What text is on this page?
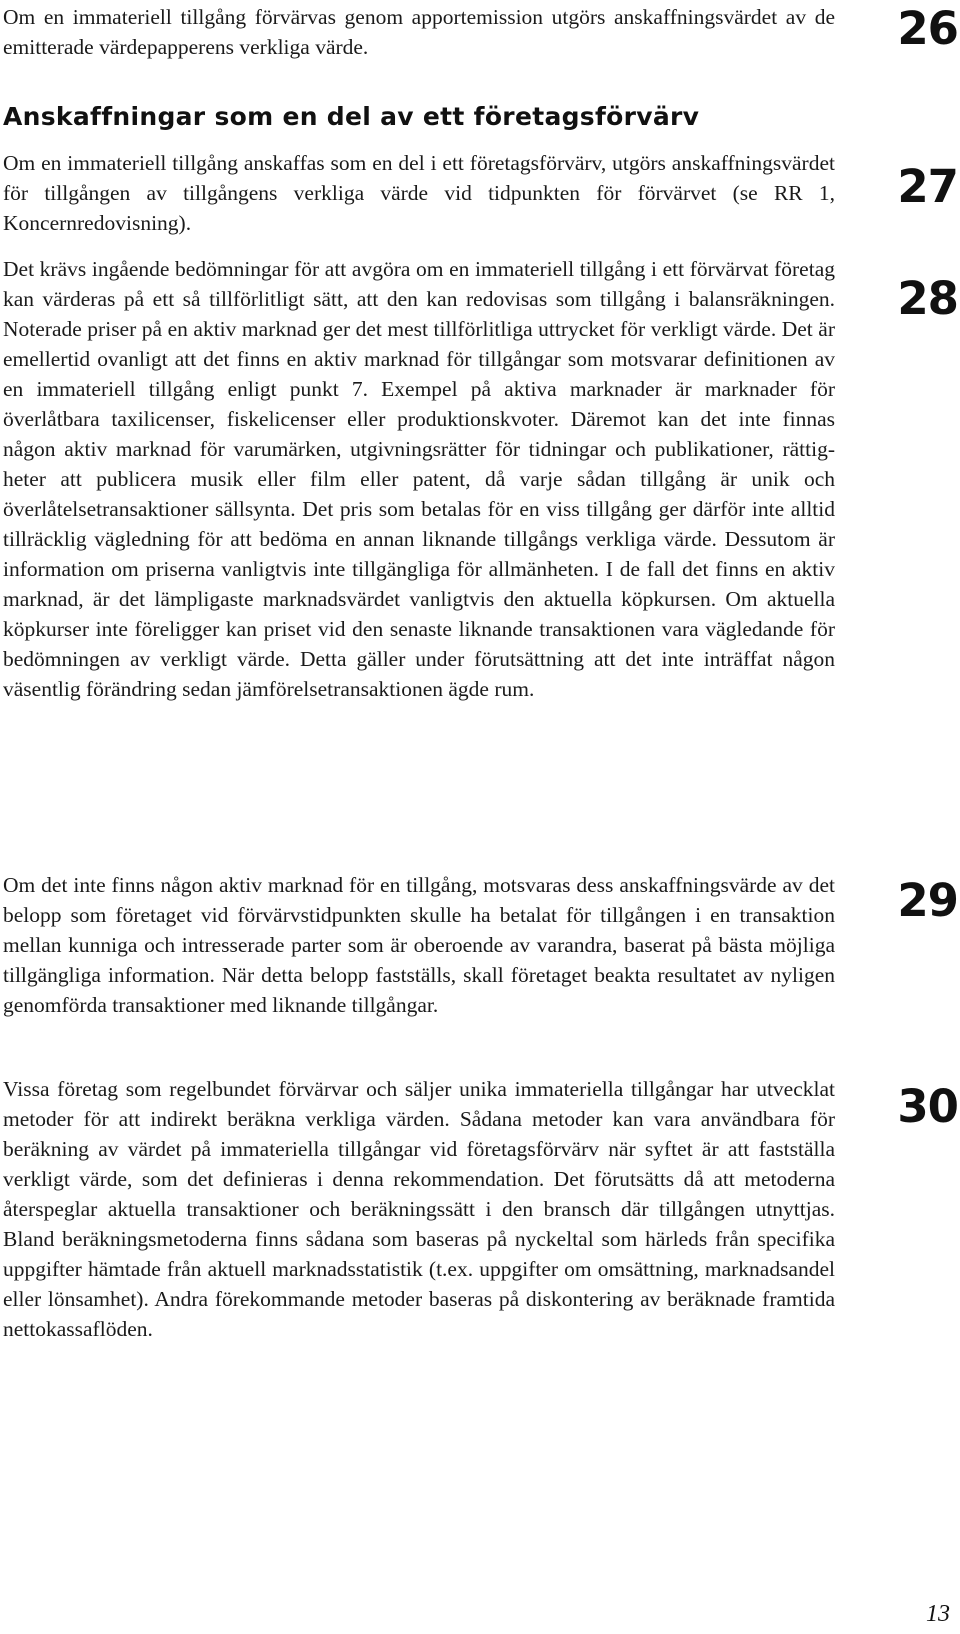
Om en immateriell tillgång förvärvas genom apportemission utgörs anskaffningsvärdet av de emitterade värdepapperens verkliga värde.	26

Anskaffningar som en del av ett företagsförvärv

Om en immateriell tillgång anskaffas som en del i ett företagsförvärv, utgörs anskaffningsvärdet för tillgången av tillgångens verkliga värde vid tidpunkten för förvärvet (se RR 1, Koncernredovisning).

27

Det krävs ingående bedömningar för att avgöra om en immateriell tillgång i ett förvärvat företag kan värderas på ett så tillförlitligt sätt, att den kan redovisas som tillgång i balansräkningen. Noterade priser på en aktiv marknad ger det mest tillförlitliga uttrycket för verkligt värde. Det är emellertid ovanligt att det finns en aktiv marknad för tillgångar som motsvarar definitionen av en immateriell tillgång enligt punkt 7. Exempel på aktiva marknader är marknader för överlåtbara taxilicenser, fiskelicenser eller produktionskvoter. Däremot kan det inte finnas någon aktiv marknad för varumärken, utgivningsrätter för tidningar och publikationer, rättigheter att publicera musik eller film eller patent, då varje sådan tillgång är unik och överlåtelsetransaktioner sällsynta. Det pris som betalas för en viss tillgång ger därför inte alltid tillräcklig vägledning för att bedöma en annan liknande tillgångs verkliga värde. Dessutom är information om priserna vanligtvis inte tillgängliga för allmänheten. I de fall det finns en aktiv marknad, är det lämpligaste marknadsvärdet vanligtvis den aktuella köpkursen. Om aktuella köpkurser inte föreligger kan priset vid den senaste liknande transaktionen vara vägledande för bedömningen av verkligt värde. Detta gäller under förutsättning att det inte inträffat någon väsentlig förändring sedan jämförelsetransaktionen ägde rum.

28

Om det inte finns någon aktiv marknad för en tillgång, motsvaras dess anskaffningsvärde av det belopp som företaget vid förvärvstidpunkten skulle ha betalat för tillgången i en transaktion mellan kunniga och intresserade parter som är oberoende av varandra, baserat på bästa möjliga tillgängliga information. När detta belopp fastställs, skall företaget beakta resultatet av nyligen genomförda transaktioner med liknande tillgångar.

29

Vissa företag som regelbundet förvärvar och säljer unika immateriella tillgångar har utvecklat metoder för att indirekt beräkna verkliga värden. Sådana metoder kan vara användbara för beräkning av värdet på immateriella tillgångar vid företagsförvärv när syftet är att fastställa verkligt värde, som det definieras i denna rekommendation. Det förutsätts då att metoderna återspeglar aktuella transaktioner och beräkningssätt i den bransch där tillgången utnyttjas. Bland beräkningsmetoderna finns sådana som baseras på nyckeltal som härleds från specifika uppgifter hämtade från aktuell marknadsstatistik (t.ex. uppgifter om omsättning, marknadsandel eller lönsamhet). Andra förekommande metoder baseras på diskontering av beräknade framtida nettokassaflöden.

30

13
